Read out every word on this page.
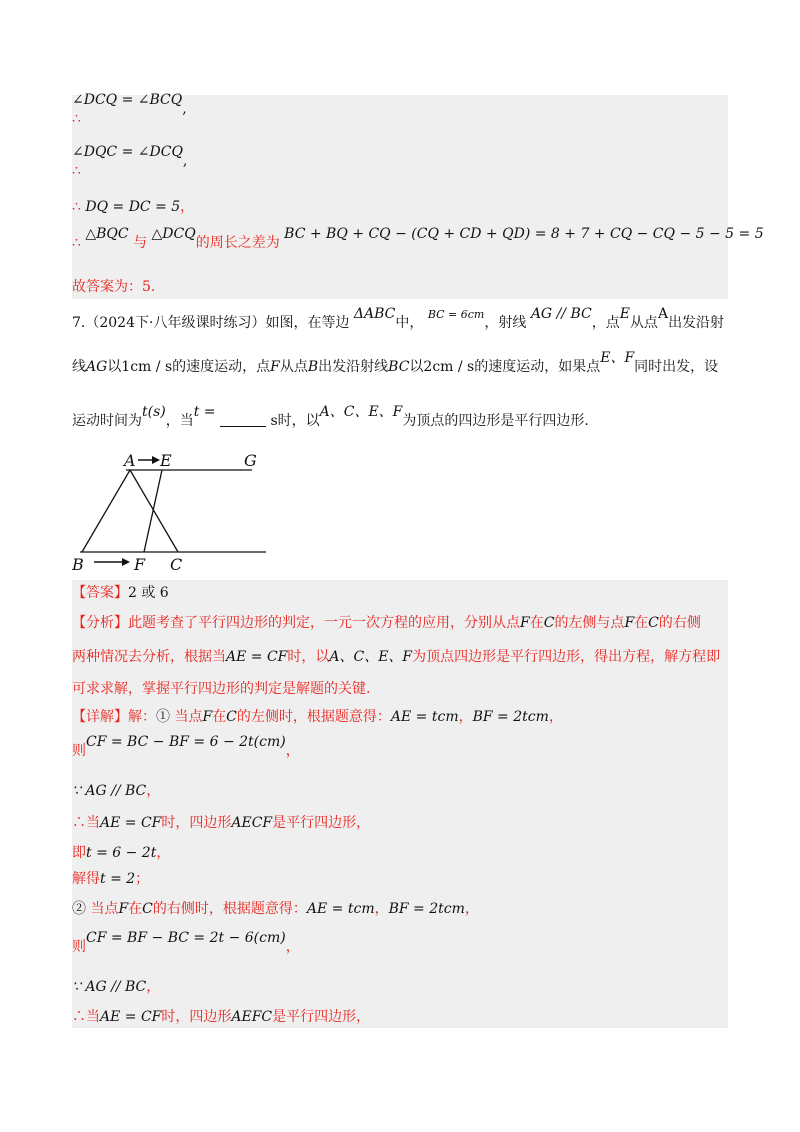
∠DCQ = ∠BCQ,
∴
∠DQC = ∠DCQ,
∴
∴ DQ = DC = 5，
∴ △BQC 与 △DCQ的周长之差为 BC + BQ + CQ − (CQ + CD + QD) = 8 + 7 + CQ − CQ − 5 − 5 = 5
故答案为：5.
7.（2024下·八年级课时练习）如图，在等边 ΔABC中， $^{BC = 6cm}$，射线 AG // BC，点E从点A出发沿射
线AG以1cm / s的速度运动，点F从点B出发沿射线BC以2cm / s的速度运动，如果点E、F同时出发，设
运动时间为t(s)，当t =  s时，以A、C、E、F为顶点的四边形是平行四边形.
A E	G
B	F C
【答案】2 或 6
【分析】此题考查了平行四边形的判定，一元一次方程的应用，分别从点F在C的左侧与点F在C的右侧
两种情况去分析，根据当AE = CF时，以A、C、E、F为顶点四边形是平行四边形，得出方程，解方程即
可求求解，掌握平行四边形的判定是解题的关键.
【详解】解：① 当点F在C的左侧时，根据题意得：AE = tcm，BF = 2tcm，
则CF = BC − BF = 6 − 2t(cm)，
∵ AG // BC，
∴当AE = CF时，四边形AECF是平行四边形，
即t = 6 − 2t，
解得t = 2；
② 当点F在C的右侧时，根据题意得：AE = tcm，BF = 2tcm，
则CF = BF − BC = 2t − 6(cm)，
∵ AG // BC，
∴当AE = CF时，四边形AEFC是平行四边形，
